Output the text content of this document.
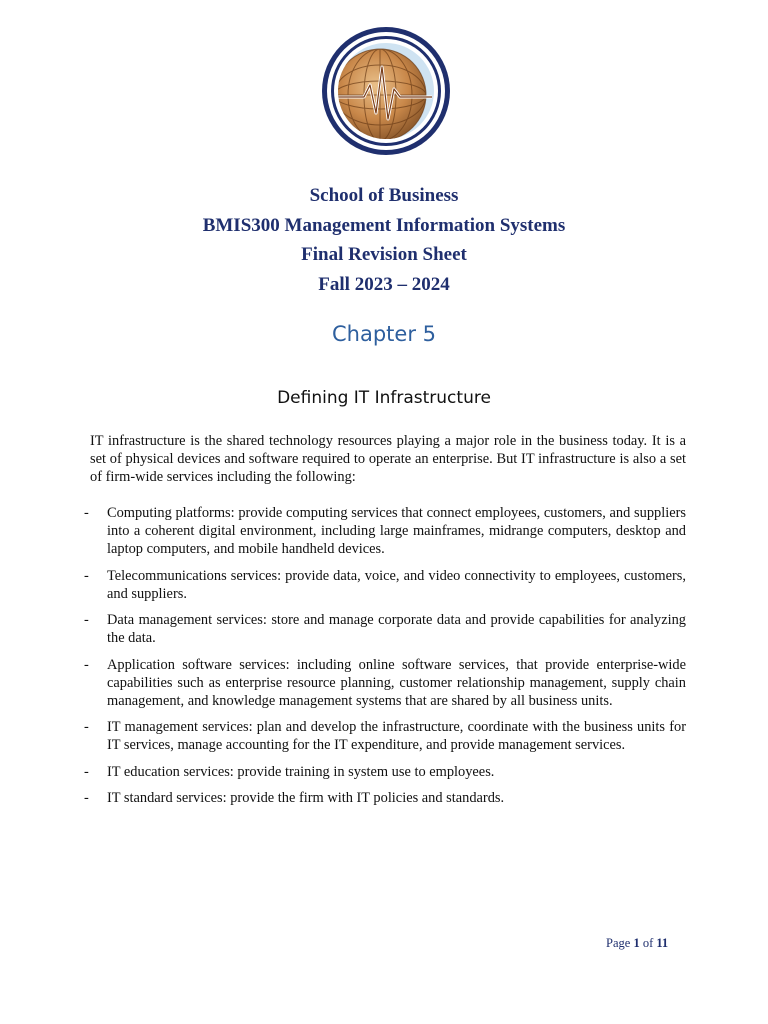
School of Business
BMIS300 Management Information Systems
Final Revision Sheet
Fall 2023 – 2024
Chapter 5
Defining IT Infrastructure

IT infrastructure is the shared technology resources playing a major role in the business today. It is a set of physical devices and software required to operate an enterprise. But IT infrastructure is also a set of firm-wide services including the following:

- Computing platforms: provide computing services that connect employees, customers, and suppliers into a coherent digital environment, including large mainframes, midrange computers, desktop and laptop computers, and mobile handheld devices.
- Telecommunications services: provide data, voice, and video connectivity to employees, customers, and suppliers.
- Data management services: store and manage corporate data and provide capabilities for analyzing the data.
- Application software services: including online software services, that provide enterprise-wide capabilities such as enterprise resource planning, customer relationship management, supply chain management, and knowledge management systems that are shared by all business units.
- IT management services: plan and develop the infrastructure, coordinate with the business units for IT services, manage accounting for the IT expenditure, and provide management services.
- IT education services: provide training in system use to employees.
- IT standard services: provide the firm with IT policies and standards.
Page 1 of 11
